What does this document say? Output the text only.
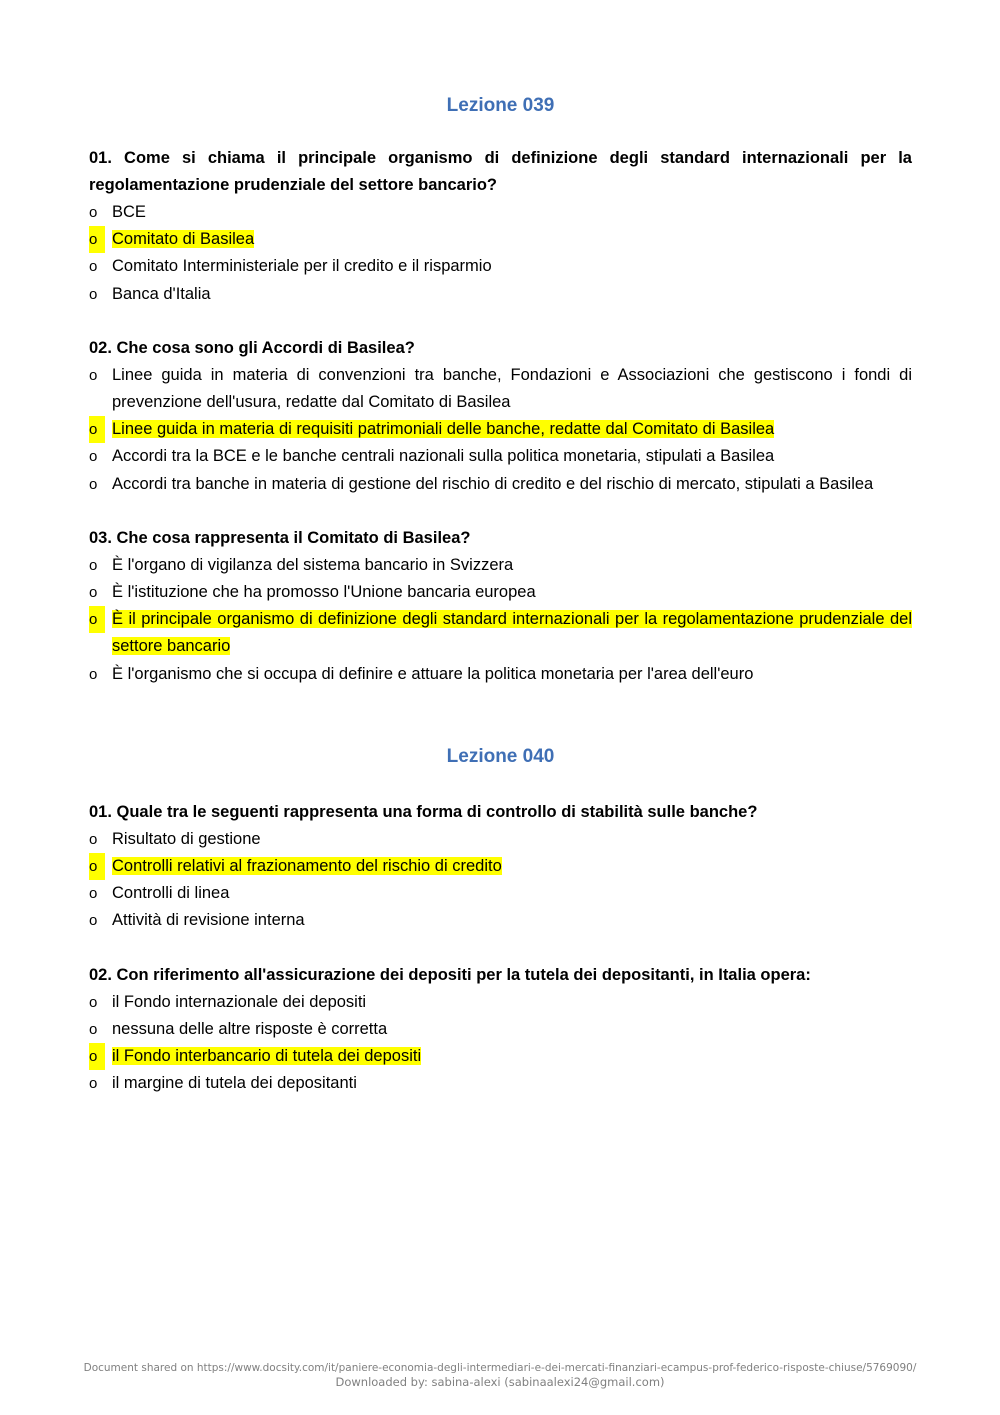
Lezione 039

01. Come si chiama il principale organismo di definizione degli standard internazionali per la regolamentazione prudenziale del settore bancario?

o BCE
o Comitato di Basilea
o Comitato Interministeriale per il credito e il risparmio
o Banca d'Italia

02. Che cosa sono gli Accordi di Basilea?

o Linee guida in materia di convenzioni tra banche, Fondazioni e Associazioni che gestiscono i fondi di prevenzione dell'usura, redatte dal Comitato di Basilea
o Linee guida in materia di requisiti patrimoniali delle banche, redatte dal Comitato di Basilea
o Accordi tra la BCE e le banche centrali nazionali sulla politica monetaria, stipulati a Basilea
o Accordi tra banche in materia di gestione del rischio di credito e del rischio di mercato, stipulati a Basilea

03. Che cosa rappresenta il Comitato di Basilea?

o È l'organo di vigilanza del sistema bancario in Svizzera
o È l'istituzione che ha promosso l'Unione bancaria europea
o È il principale organismo di definizione degli standard internazionali per la regolamentazione prudenziale del settore bancario
o È l'organismo che si occupa di definire e attuare la politica monetaria per l'area dell'euro
Lezione 040

01. Quale tra le seguenti rappresenta una forma di controllo di stabilità sulle banche?

o Risultato di gestione
o Controlli relativi al frazionamento del rischio di credito
o Controlli di linea
o Attività di revisione interna

02. Con riferimento all'assicurazione dei depositi per la tutela dei depositanti, in Italia opera:

o il Fondo internazionale dei depositi
o nessuna delle altre risposte è corretta
o il Fondo interbancario di tutela dei depositi
o il margine di tutela dei depositanti
Document shared on https://www.docsity.com/it/paniere-economia-degli-intermediari-e-dei-mercati-finanziari-ecampus-prof-federico-risposte-chiuse/5769090/
Downloaded by: sabina-alexi (sabinaalexi24@gmail.com)
